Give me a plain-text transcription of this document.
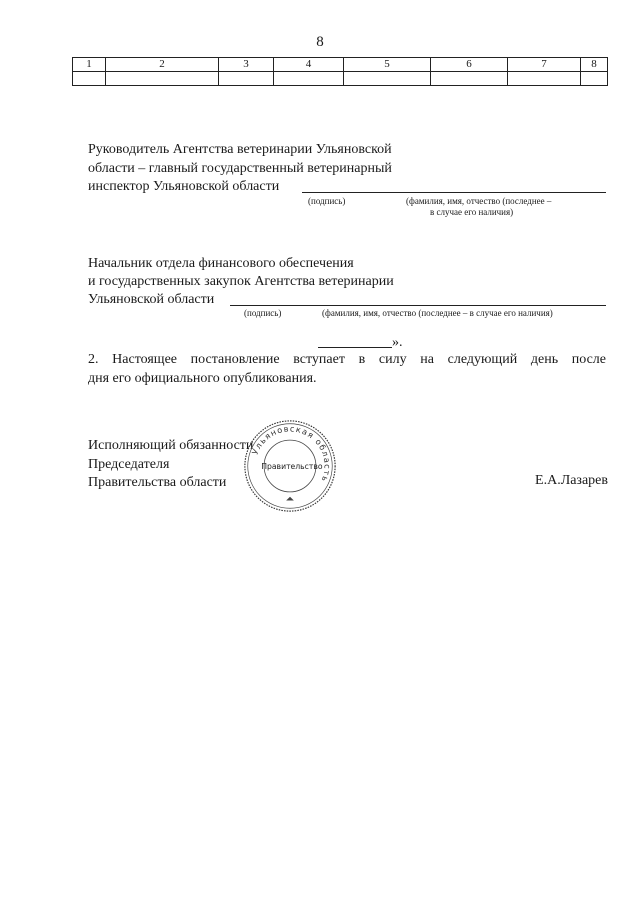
8
1	2	3	4	5	6	7	8

Руководитель Агентства ветеринарии Ульяновской
области – главный государственный ветеринарный
инспектор Ульяновской области
(подпись)	(фамилия, имя, отчество (последнее –
в случае его наличия)
Начальник отдела финансового обеспечения
и государственных закупок Агентства ветеринарии
Ульяновской области
(подпись)	(фамилия, имя, отчество (последнее – в случае его наличия)
».
2. Настоящее постановление вступает в силу на следующий день после
дня его официального опубликования.
Исполняющий обязанности
Председателя
Правительства области	Е.А.Лазарев
Ульяновская область
Правительство
